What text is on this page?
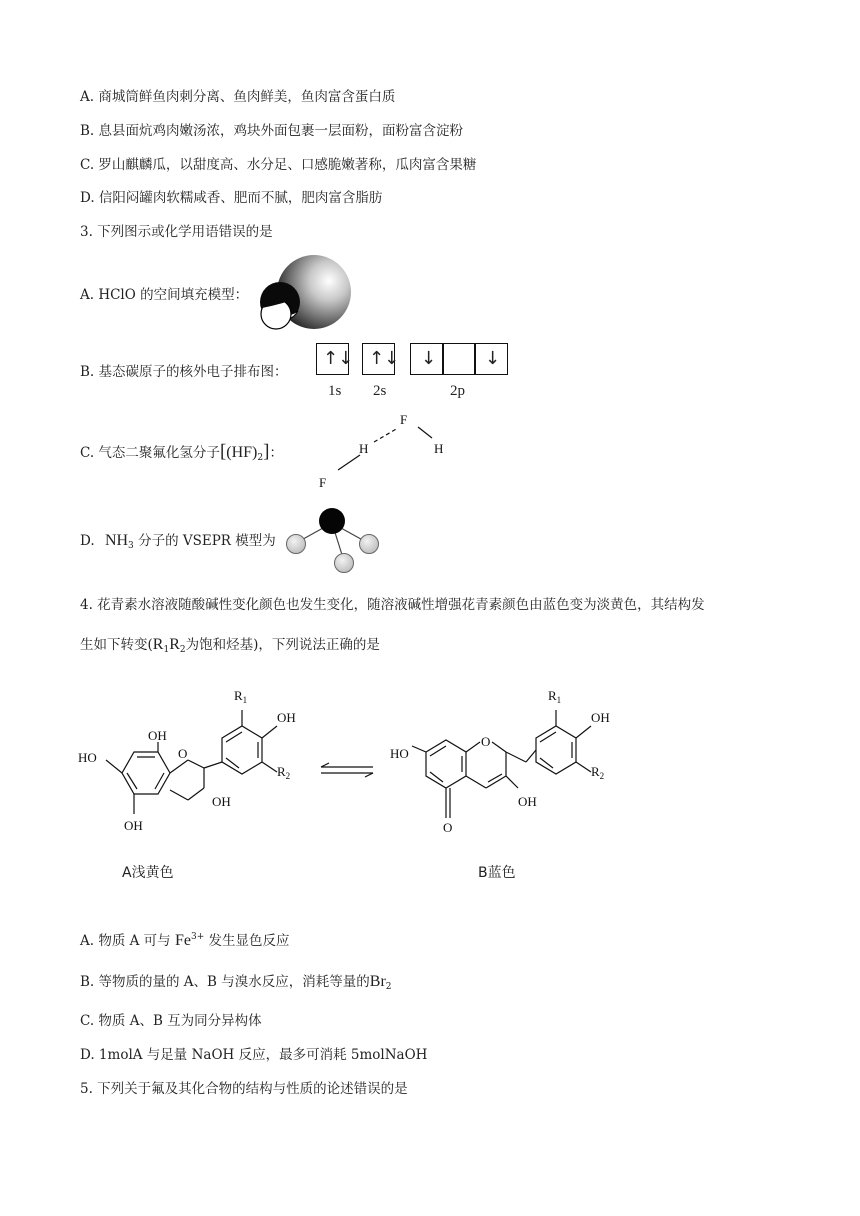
A. 商城筒鲜鱼肉刺分离、鱼肉鲜美，鱼肉富含蛋白质
B. 息县面炕鸡肉嫩汤浓，鸡块外面包裹一层面粉，面粉富含淀粉
C. 罗山麒麟瓜，以甜度高、水分足、口感脆嫩著称，瓜肉富含果糖
D. 信阳闷罐肉软糯咸香、肥而不腻，肥肉富含脂肪
3. 下列图示或化学用语错误的是
A. HClO 的空间填充模型：
B. 基态碳原子的核外电子排布图：
↑↓ ↑↓ ↓	↓
1s 2s	2p
C. 气态二聚氟化氢分子$[(HF)_2]$：
F
H
F
H
D. $NH_3$ 分子的 VSEPR 模型为
4. 花青素水溶液随酸碱性变化颜色也发生变化，随溶液碱性增强花青素颜色由蓝色变为淡黄色，其结构发
生如下转变($R_1R_2$为饱和烃基)，下列说法正确的是
HO
OH
OH
O
OH
$R_1$
OH
$R_2$
HO
O
O
OH
$R_1$
OH
$R_2$
A浅黄色	B蓝色
A. 物质 A 可与 $Fe^{3+}$ 发生显色反应
B. 等物质的量的 A、B 与溴水反应，消耗等量的$Br_2$
C. 物质 A、B 互为同分异构体
D. 1molA 与足量 NaOH 反应，最多可消耗 5molNaOH
5. 下列关于氟及其化合物的结构与性质的论述错误的是
